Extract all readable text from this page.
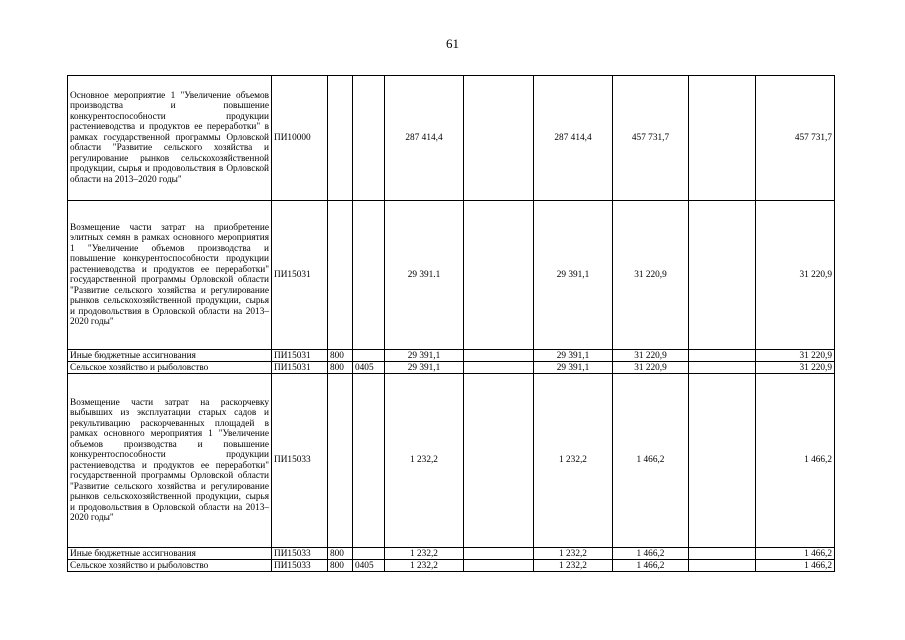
61
Основное мероприятие 1 "Увеличение объемов производства и повышение конкурентоспособности продукции растениеводства и продуктов ее переработки" в рамках государственной программы Орловской области "Развитие сельского хозяйства и регулирование рынков сельскохозяйственной продукции, сырья и продовольствия в Орловской области на 2013–2020 годы"	ПИ10000			287 414,4		287 414,4	457 731,7		457 731,7
Возмещение части затрат на приобретение элитных семян в рамках основного мероприятия 1 "Увеличение объемов производства и повышение конкурентоспособности продукции растениеводства и продуктов ее переработки" государственной программы Орловской области "Развитие сельского хозяйства и регулирование рынков сельскохозяйственной продукции, сырья и продовольствия в Орловской области на 2013–2020 годы"	ПИ15031			29 391.1		29 391,1	31 220,9		31 220,9
Иные бюджетные ассигнования	ПИ15031	800		29 391,1		29 391,1	31 220,9		31 220,9
Сельское хозяйство и рыболовство	ПИ15031	800	0405	29 391,1		29 391,1	31 220,9		31 220,9
Возмещение части затрат на раскорчевку выбывших из эксплуатации старых садов и рекультивацию раскорчеванных площадей в рамках основного мероприятия 1 "Увеличение объемов производства и повышение конкурентоспособности продукции растениеводства и продуктов ее переработки" государственной программы Орловской области "Развитие сельского хозяйства и регулирование рынков сельскохозяйственной продукции, сырья и продовольствия в Орловской области на 2013–2020 годы"	ПИ15033			1 232,2		1 232,2	1 466,2		1 466,2
Иные бюджетные ассигнования	ПИ15033	800		1 232,2		1 232,2	1 466,2		1 466,2
Сельское хозяйство и рыболовство	ПИ15033	800	0405	1 232,2		1 232,2	1 466,2		1 466,2
